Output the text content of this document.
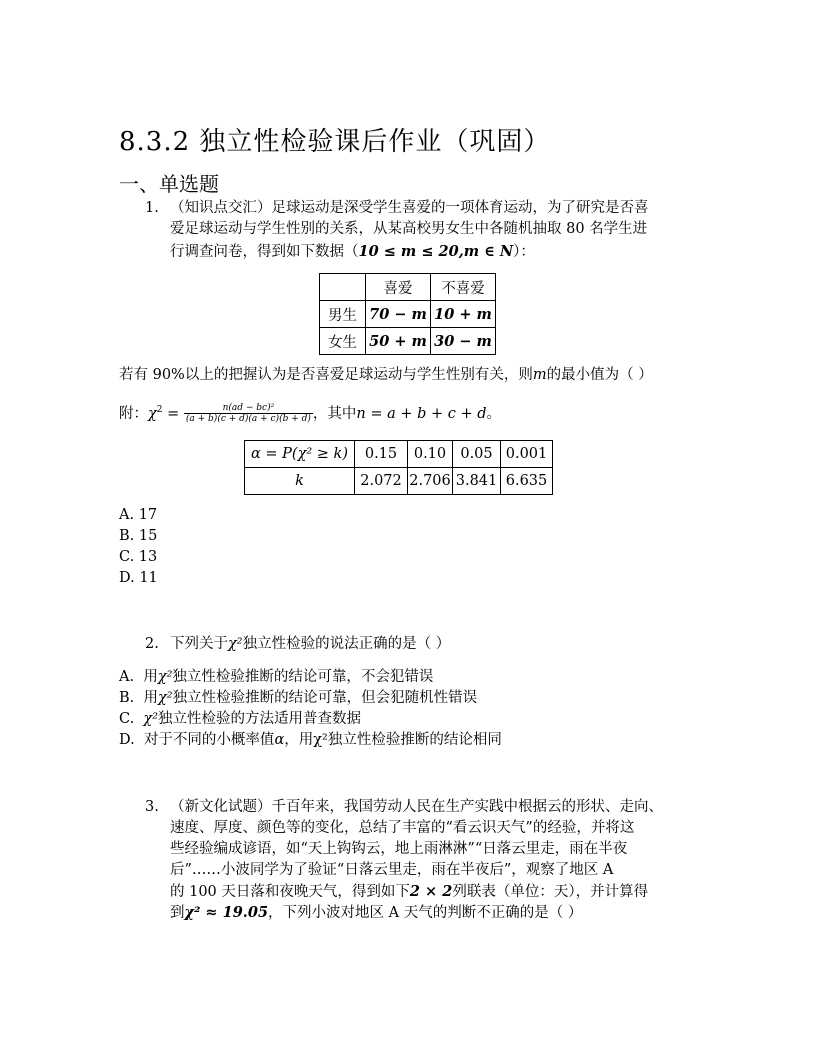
8.3.2 独立性检验课后作业（巩固）
一、单选题
1. （知识点交汇）足球运动是深受学生喜爱的一项体育运动，为了研究是否喜
爱足球运动与学生性别的关系，从某高校男女生中各随机抽取 80 名学生进
行调查问卷，得到如下数据（10 ≤ m ≤ 20,m ∈ N）：
	喜爱	不喜爱
男生	70 − m	10 + m
女生	50 + m	30 − m
若有 90%以上的把握认为是否喜爱足球运动与学生性别有关，则m的最小值为（ ）
附：$\chi^2 = \frac{\text{n(ad − bc)²}}{(a + b)(c + d)(a + c)(b + d)}$ ，其中n = a + b + c + d。
α = P(χ² ≥ k)	0.15	0.10	0.05	0.001
k	2.072	2.706	3.841	6.635
A. 17
B. 15
C. 13
D. 11
2. 下列关于χ²独立性检验的说法正确的是（ ）
A. 用χ²独立性检验推断的结论可靠，不会犯错误
B. 用χ²独立性检验推断的结论可靠，但会犯随机性错误
C. χ²独立性检验的方法适用普查数据
D. 对于不同的小概率值α，用χ²独立性检验推断的结论相同
3. （新文化试题）千百年来，我国劳动人民在生产实践中根据云的形状、走向、
速度、厚度、颜色等的变化，总结了丰富的“看云识天气”的经验，并将这
些经验编成谚语，如“天上钩钩云，地上雨淋淋”“日落云里走，雨在半夜
后”……小波同学为了验证“日落云里走，雨在半夜后”，观察了地区 A
的 100 天日落和夜晚天气，得到如下2 × 2列联表（单位：天），并计算得
到χ² ≈ 19.05，下列小波对地区 A 天气的判断不正确的是（ ）
